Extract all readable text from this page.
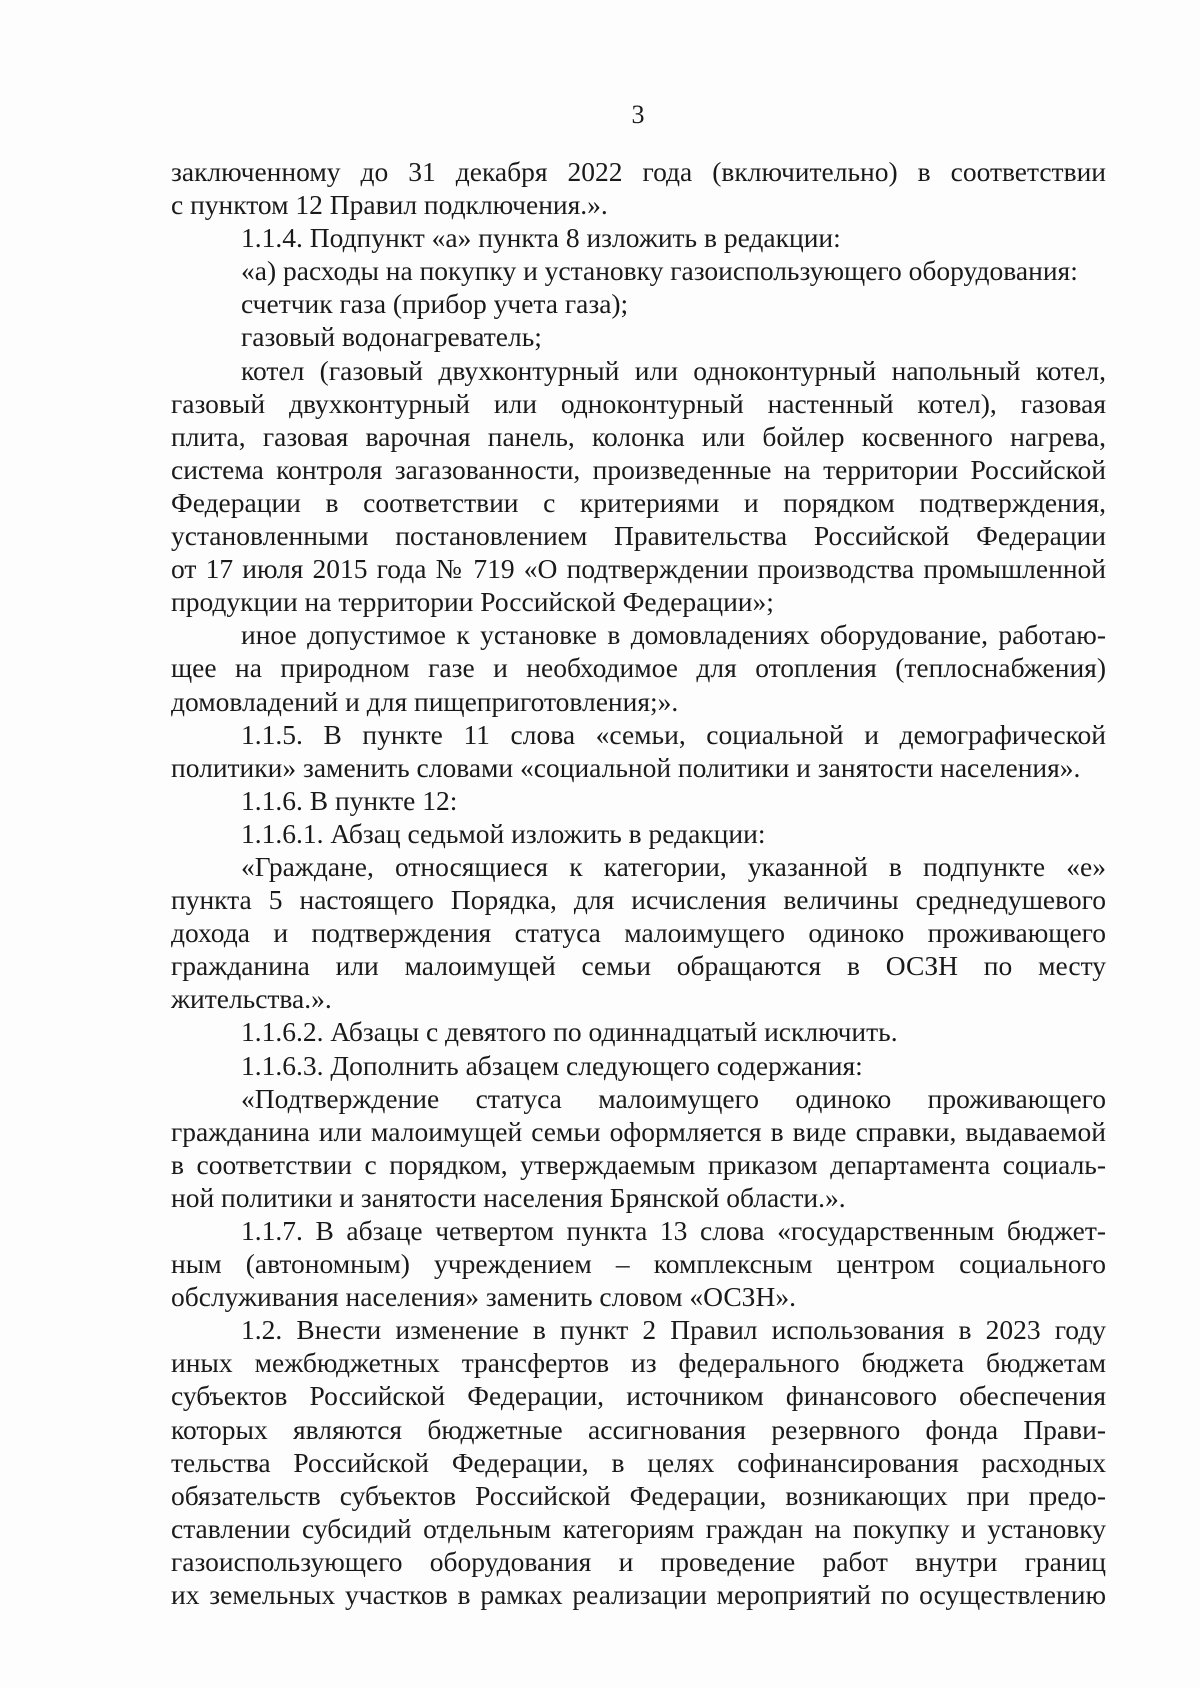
3

заключенному до 31 декабря 2022 года (включительно) в соответствии

с пунктом 12 Правил подключения.».

1.1.4. Подпункт «а» пункта 8 изложить в редакции:

«а) расходы на покупку и установку газоиспользующего оборудования:

счетчик газа (прибор учета газа);

газовый водонагреватель;

котел (газовый двухконтурный или одноконтурный напольный котел,

газовый двухконтурный или одноконтурный настенный котел), газовая

плита, газовая варочная панель, колонка или бойлер косвенного нагрева,

система контроля загазованности, произведенные на территории Российской

Федерации в соответствии с критериями и порядком подтверждения,

установленными постановлением Правительства Российской Федерации

от 17 июля 2015 года № 719 «О подтверждении производства промышленной

продукции на территории Российской Федерации»;

иное допустимое к установке в домовладениях оборудование, работаю-

щее на природном газе и необходимое для отопления (теплоснабжения)

домовладений и для пищеприготовления;».

1.1.5. В пункте 11 слова «семьи, социальной и демографической

политики» заменить словами «социальной политики и занятости населения».

1.1.6. В пункте 12:

1.1.6.1. Абзац седьмой изложить в редакции:

«Граждане, относящиеся к категории, указанной в подпункте «е»

пункта 5 настоящего Порядка, для исчисления величины среднедушевого

дохода и подтверждения статуса малоимущего одиноко проживающего

гражданина или малоимущей семьи обращаются в ОСЗН по месту

жительства.».

1.1.6.2. Абзацы с девятого по одиннадцатый исключить.

1.1.6.3. Дополнить абзацем следующего содержания:

«Подтверждение статуса малоимущего одиноко проживающего

гражданина или малоимущей семьи оформляется в виде справки, выдаваемой

в соответствии с порядком, утверждаемым приказом департамента социаль-

ной политики и занятости населения Брянской области.».

1.1.7. В абзаце четвертом пункта 13 слова «государственным бюджет-

ным (автономным) учреждением – комплексным центром социального

обслуживания населения» заменить словом «ОСЗН».

1.2. Внести изменение в пункт 2 Правил использования в 2023 году

иных межбюджетных трансфертов из федерального бюджета бюджетам

субъектов Российской Федерации, источником финансового обеспечения

которых являются бюджетные ассигнования резервного фонда Прави-

тельства Российской Федерации, в целях софинансирования расходных

обязательств субъектов Российской Федерации, возникающих при предо-

ставлении субсидий отдельным категориям граждан на покупку и установку

газоиспользующего оборудования и проведение работ внутри границ

их земельных участков в рамках реализации мероприятий по осуществлению
